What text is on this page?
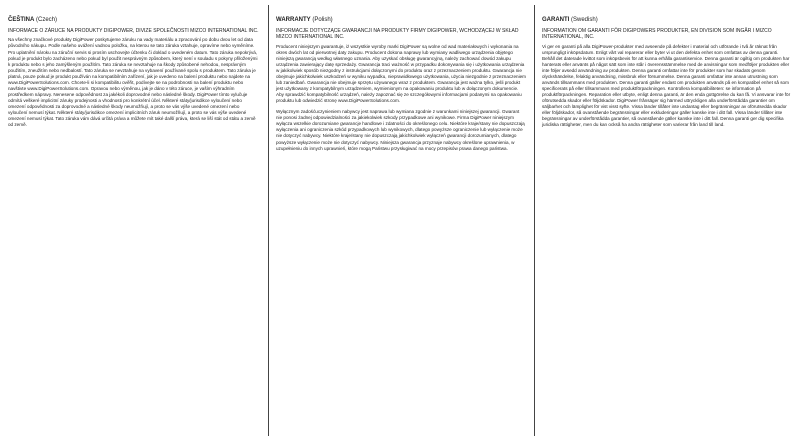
ČEŠTINA (Czech)
INFORMACE O ZÁRUCE NA PRODUKTY DIGIPOWER, DIVIZE SPOLEČNOSTI MIZCO INTERNATIONAL INC.

Na všechny značkové produkty DigiPower poskytujeme záruku na vady materiálu a zpracování po dobu dvou let od data původního nákupu. Podle našeho uvážení vadnou položku, na kterou se tato záruka vztahuje, opravíme nebo vyměníme. Pro uplatnění nároku na záruční servis si prosím uschovejte účtenku či doklad o uvedeném datum. Tato záruka nepokrývá, pokud je produkt bylo zacházeno nebo pokud byl použit nesprávným způsobem, který není v souladu s pokyny přiloženými k produktu nebo s jeho zamýšleným použitím. Tato záruka se nevztahuje na škody způsobené nehodou, nesprávným použitím, zneužitím nebo nedbalostí. Tato záruka se nevztahuje na vybavení používané spolu s produktem. Tato záruka je platná, pouze pokud je produkt používán na kompatibilním zařízení, jak je uvedeno na balení produktu nebo najdete na www.DigiPowerSolutions.com. Chcete-li si kompatibilitu ověřit, podívejte se na podrobnosti na balení produktu nebo navštivte www.DigiPowerSolutions.com. Opravou nebo výměnou, jak je dáno v této záruce, je vaším výhradním prostředkem nápravy. Nenesene odpovědnost za jakékoli doprovodné nebo následné škody. DigiPower tímto vylučuje odmítá veškeré implicitní záruky prodejnosti a vhodnosti pro konkrétní účel. Některé státy/jurisdikce vyloučení nebo omezení odpovědnosti za doprovodné a následné škody neumožňují, a proto se vás výše uvedené omezení nebo vyloučení nemusí týkat. Některé státy/jurisdikce omezení implicitních záruk neumožňují, a proto se vás výše uvedené omezení nemusí týkat. Tato záruka vám dává určitá práva a můžete mít také další práva, která se liší stát od státu a země od země.

WARRANTY (Polish)
INFORMACJE DOTYCZĄCE GWARANCJI NA PRODUKTY FIRMY DIGIPOWER, WCHODZĄCEJ W SKŁAD MIZCO INTERNATIONAL INC.

Producent niniejszym gwarantuje, iż wszystkie wyroby marki DigiPower są wolne od wad materiałowych i wykonania na okres dwóch lat od pierwotnej daty zakupu. Producent dokona naprawy lub wymiany wadliwego urządzenia objętego niniejszą gwarancją według własnego uznania. Aby uzyskać obsługę gwarancyjną, należy zachować dowód zakupu urządzenia zawierający datę sprzedaży. Gwarancja traci ważność w przypadku dokonywania się i użytkowania urządzenia w jakikolwiek sposób niezgodny z instrukcjami dołączonymi do produktu oraz z przeznaczeniem produktu. Gwarancja nie obejmuje jakichkolwiek uszkodzeń w wyniku wypadku, nieprawidłowego użytkowania, użycia niezgodnie z przeznaczeniem lub zaniedbań. Gwarancja nie obejmuje sprzętu używanego wraz z produktem. Gwarancja jest ważna tylko, jeśli produkt jest użytkowany z kompatybilnym urządzeniem, wymienionym na opakowaniu produktu lub w dołączonym dokumencie. Aby sprawdzić kompatybilność urządzeń, należy zapoznać się ze szczegółowymi informacjami podanymi na opakowaniu produktu lub odwiedzić stronę www.DigiPowerSolutions.com.

Wyłącznym zadośćuczynieniem nabywcy jest naprawa lub wymiana zgodnie z warunkami niniejszej gwarancji. Gwarant nie ponosi żadnej odpowiedzialności za jakiekolwiek szkody przypadkowe ani wynikowe. Firma DigiPower niniejszym wyłącza wszelkie dorozumiane gwarancje handlowe i zdatności do określonego celu. Niektóre kraje/stany nie dopuszczają wyłączenia ani ograniczenia szkód przypadkowych lub wynikowych, dlatego powyższe ograniczenie lub wyłączenie może nie dotyczyć nabywcy. Niektóre kraje/stany nie dopuszczają jakichkolwiek wyłączeń gwarancji dorozumianych, dlatego powyższe wyłączenie może nie dotyczyć nabywcy. Niniejsza gwarancja przyznaje nabywcy określone uprawnienia, w uzupełnieniu do innych uprawnień, które mogą Państwu przysługiwać na mocy przepisów prawa danego państwa.

GARANTI (Swedish)
INFORMATION OM GARANTI FÖR DIGIPOWERS PRODUKTER, EN DIVISION SOM INGÅR I MIZCO INTERNATIONAL, INC.

Vi ger en garanti på alla DigiPower-produkter med avseende på defekter i material och utförande i två år räknat från ursprungligt inköpsdatum. Enligt vårt val reparerar eller byter vi ut den defekta enhet som omfattas av denna garanti. Behåll det daterade kvittot som inköpsbevis för att kunna erhålla garantiservice. Denna garanti är ogiltig om produkten har hanterats eller använts på något sätt som inte står i överensstämmelse med de anvisningar som medföljer produkten eller inte följer avsedd användning av produkten. Denna garanti omfattar inte för produkter som har skadats genom olyckshändelse, felaktig användning, missbruk eller försummelse. Denna garanti omfattar inte annan utrustning som används tillsammans med produkten. Denna garanti gäller endast om produkten används på en kompatibel enhet så som specificerats på eller tillsammans med produktförpackningen. Kontrollera kompatibiliteten: se information på produktförpackningen. Reparation eller utbyte, enligt denna garanti, är den enda gottgörelse du kan få. Vi ansvarar inte för oförutsedda skador eller följdskador. DigiPower frånsäger sig härmed uttryckligen alla underförstådda garantier om säljbarhet och lämplighet för vist visst syfte. Vissa länder tillåter inte undantag eller begränsningar av oförutsedda skador eller följdskador, så ovanstående begränsningar eller exkluderingar gäller kanske inte i ditt fall. Vissa länder tillåter inte begränsningar av underförstådda garantier, så ovanstående gäller kanske inte i ditt fall. Denna garanti ger dig specifika juridiska rättigheter, men du kan också ha andra rättigheter som varierar från land till land.
